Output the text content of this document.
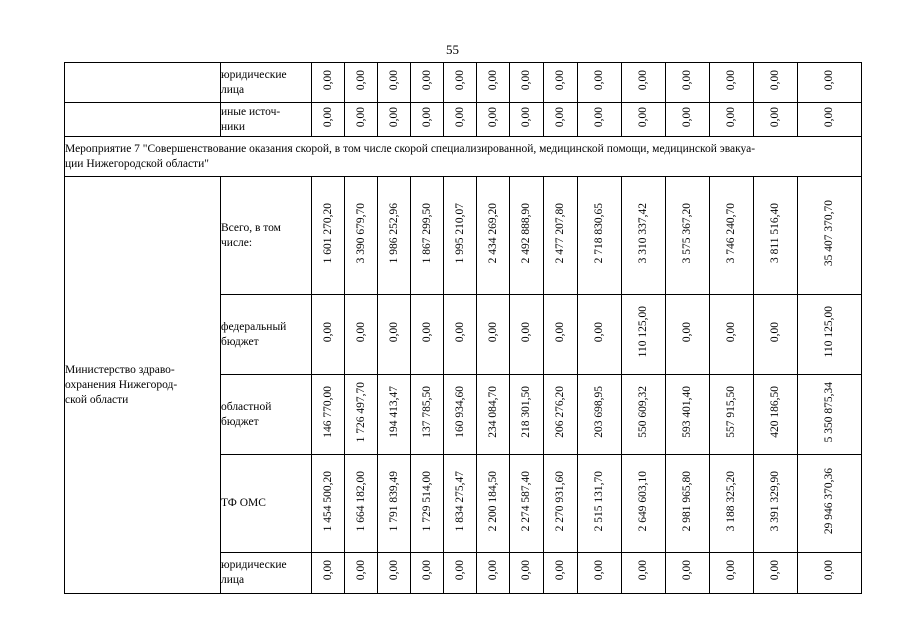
55

	юридические
лица	0,00	0,00	0,00	0,00	0,00	0,00	0,00	0,00	0,00	0,00	0,00	0,00	0,00	0,00

	иные источ-
ники	0,00	0,00	0,00	0,00	0,00	0,00	0,00	0,00	0,00	0,00	0,00	0,00	0,00	0,00

Мероприятие 7 "Совершенствование оказания скорой, в том числе скорой специализированной, медицинской помощи, медицинской эвакуа-
ции Нижегородской области"															

Министерство здраво-
охранения Нижегород-
ской области	Всего, в том
числе:	1 601 270,20	3 390 679,70	1 986 252,96	1 867 299,50	1 995 210,07	2 434 269,20	2 492 888,90	2 477 207,80	2 718 830,65	3 310 337,42	3 575 367,20	3 746 240,70	3 811 516,40	35 407 370,70

	федеральный
бюджет	0,00	0,00	0,00	0,00	0,00	0,00	0,00	0,00	0,00	110 125,00	0,00	0,00	0,00	110 125,00

	областной
бюджет	146 770,00	1 726 497,70	194 413,47	137 785,50	160 934,60	234 084,70	218 301,50	206 276,20	203 698,95	550 609,32	593 401,40	557 915,50	420 186,50	5 350 875,34

	ТФ ОМС	1 454 500,20	1 664 182,00	1 791 839,49	1 729 514,00	1 834 275,47	2 200 184,50	2 274 587,40	2 270 931,60	2 515 131,70	2 649 603,10	2 981 965,80	3 188 325,20	3 391 329,90	29 946 370,36

	юридические
лица	0,00	0,00	0,00	0,00	0,00	0,00	0,00	0,00	0,00	0,00	0,00	0,00	0,00	0,00
